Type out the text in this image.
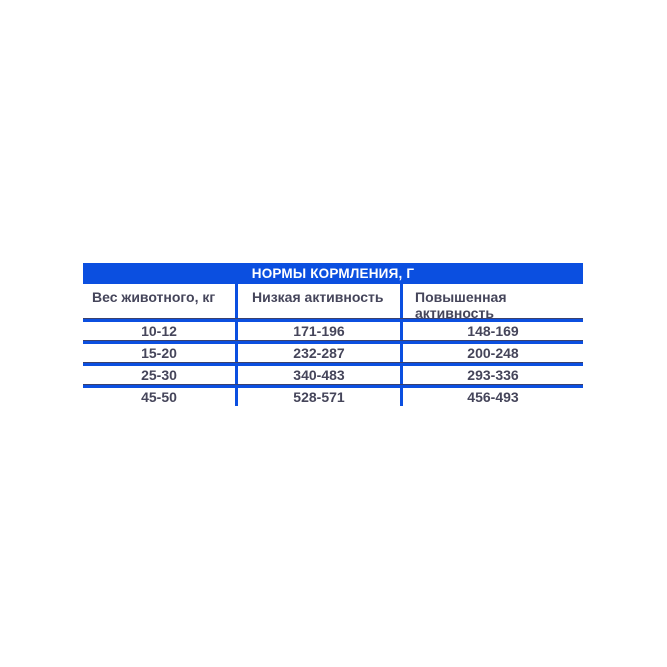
НОРМЫ КОРМЛЕНИЯ, Г
Вес животного, кг	Низкая активность	Повышенная активность
10-12	171-196	148-169
15-20	232-287	200-248
25-30	340-483	293-336
45-50	528-571	456-493
